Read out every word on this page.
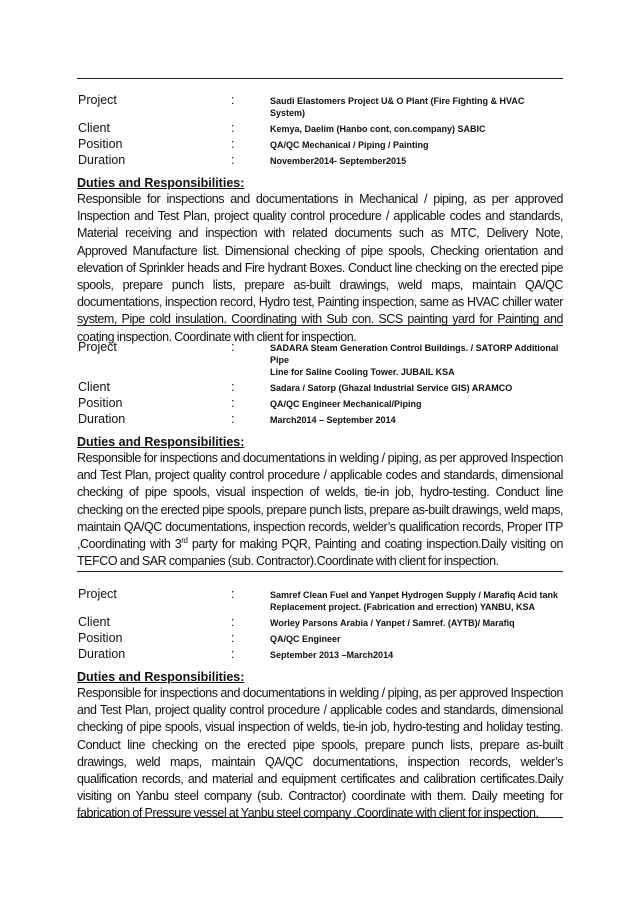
Project	:	Saudi Elastomers Project U& O Plant (Fire Fighting & HVAC
System)
Client	:	Kemya, Daelim (Hanbo cont, con.company) SABIC
Position	:	QA/QC Mechanical / Piping / Painting
Duration	:	November2014- September2015
Duties and Responsibilities:

Responsible for inspections and documentations in Mechanical / piping, as per approved Inspection and Test Plan, project quality control procedure / applicable codes and standards, Material receiving and inspection with related documents such as MTC, Delivery Note, Approved Manufacture list. Dimensional checking of pipe spools, Checking orientation and elevation of Sprinkler heads and Fire hydrant Boxes. Conduct line checking on the erected pipe spools, prepare punch lists, prepare as-built drawings, weld maps, maintain QA/QC documentations, inspection record, Hydro test, Painting inspection, same as HVAC chiller water system, Pipe cold insulation. Coordinating with Sub con. SCS painting yard for Painting and coating inspection. Coordinate with client for inspection.

Project	:	SADARA Steam Generation Control Buildings. / SATORP Additional
Pipe
Line for Saline Cooling Tower. JUBAIL KSA
Client	:	Sadara / Satorp (Ghazal Industrial Service GIS) ARAMCO
Position	:	QA/QC Engineer Mechanical/Piping
Duration	:	March2014 – September 2014
Duties and Responsibilities:

Responsible for inspections and documentations in welding / piping, as per approved Inspection and Test Plan, project quality control procedure / applicable codes and standards, dimensional checking of pipe spools, visual inspection of welds, tie-in job, hydro-testing. Conduct line checking on the erected pipe spools, prepare punch lists, prepare as-built drawings, weld maps, maintain QA/QC documentations, inspection records, welder’s qualification records, Proper ITP ,Coordinating with 3rd party for making PQR, Painting and coating inspection.Daily visiting on TEFCO and SAR companies (sub. Contractor).Coordinate with client for inspection.

Project	:	Samref Clean Fuel and Yanpet Hydrogen Supply / Marafiq Acid tank
Replacement project. (Fabrication and errection) YANBU, KSA
Client	:	Worley Parsons Arabia / Yanpet / Samref. (AYTB)/ Marafiq
Position	:	QA/QC Engineer
Duration	:	September 2013 –March2014
Duties and Responsibilities:

Responsible for inspections and documentations in welding / piping, as per approved Inspection and Test Plan, project quality control procedure / applicable codes and standards, dimensional checking of pipe spools, visual inspection of welds, tie-in job, hydro-testing and holiday testing. Conduct line checking on the erected pipe spools, prepare punch lists, prepare as-built drawings, weld maps, maintain QA/QC documentations, inspection records, welder’s qualification records, and material and equipment certificates and calibration certificates.Daily visiting on Yanbu steel company (sub. Contractor) coordinate with them. Daily meeting for fabrication of Pressure vessel at Yanbu steel company .Coordinate with client for inspection.
